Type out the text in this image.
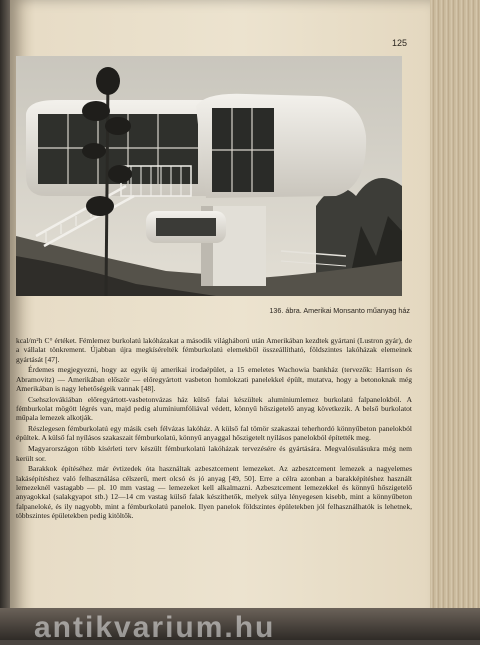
125
136. ábra. Amerikai Monsanto műanyag ház

kcal/m²h C° értéket. Fémlemez burkolatú lakóházakat a második világháború után Amerikában kezdtek gyártani (Lustron gyár), de a vállalat tönkrement. Újabban újra megkísérelték fémburkolatú elemekből összeállítható, földszintes lakóházak elemeinek gyártását [47].

Érdemes megjegyezni, hogy az egyik új amerikai irodaépület, a 15 emeletes Wachowia bankház (tervezők: Harrison és Abramovitz) — Amerikában először — előregyártott vasbeton homlokzati panelekkel épült, mutatva, hogy a betonoknak még Amerikában is nagy lehetőségeik vannak [48].

Csehszlovákiában előregyártott-vasbetonvázas ház külső falai készültek alumíniumlemez burkolatú falpanelokból. A fémburkolat mögött légrés van, majd pedig alumíniumfóliával védett, könnyű hőszigetelő anyag következik. A belső burkolatot műpala lemezek alkotják.

Részlegesen fémburkolatú egy másik cseh félvázas lakóház. A külső fal tömör szakaszai teherhordó könnyűbeton panelokból épültek. A külső fal nyílásos szakaszait fémburkolatú, könnyű anyaggal hőszigetelt nyílásos panelokból építették meg.

Magyarországon több kísérleti terv készült fémburkolatú lakóházak tervezésére és gyártására. Megvalósulásukra még nem került sor.

Barakkok építéséhez már évtizedek óta használtak azbesztcement lemezeket. Az azbesztcement lemezek a nagyelemes lakásépítéshez való felhasználása célszerű, mert olcsó és jó anyag [49, 50]. Erre a célra azonban a barakképítéshez használt lemezeknél vastagabb — pl. 10 mm vastag — lemezeket kell alkalmazni. Azbesztcement lemezekkel és könnyű hőszigetelő anyagokkal (salakgyapot stb.) 12—14 cm vastag külső falak készíthetők, melyek súlya lényegesen kisebb, mint a könnyűbeton falpaneloké, és ily nagyobb, mint a fémburkolatú panelok. Ilyen panelok földszintes épületekben jól felhasználhatók is lehetnek, többszintes épületekben pedig kitöltők.

antikvarium.hu
